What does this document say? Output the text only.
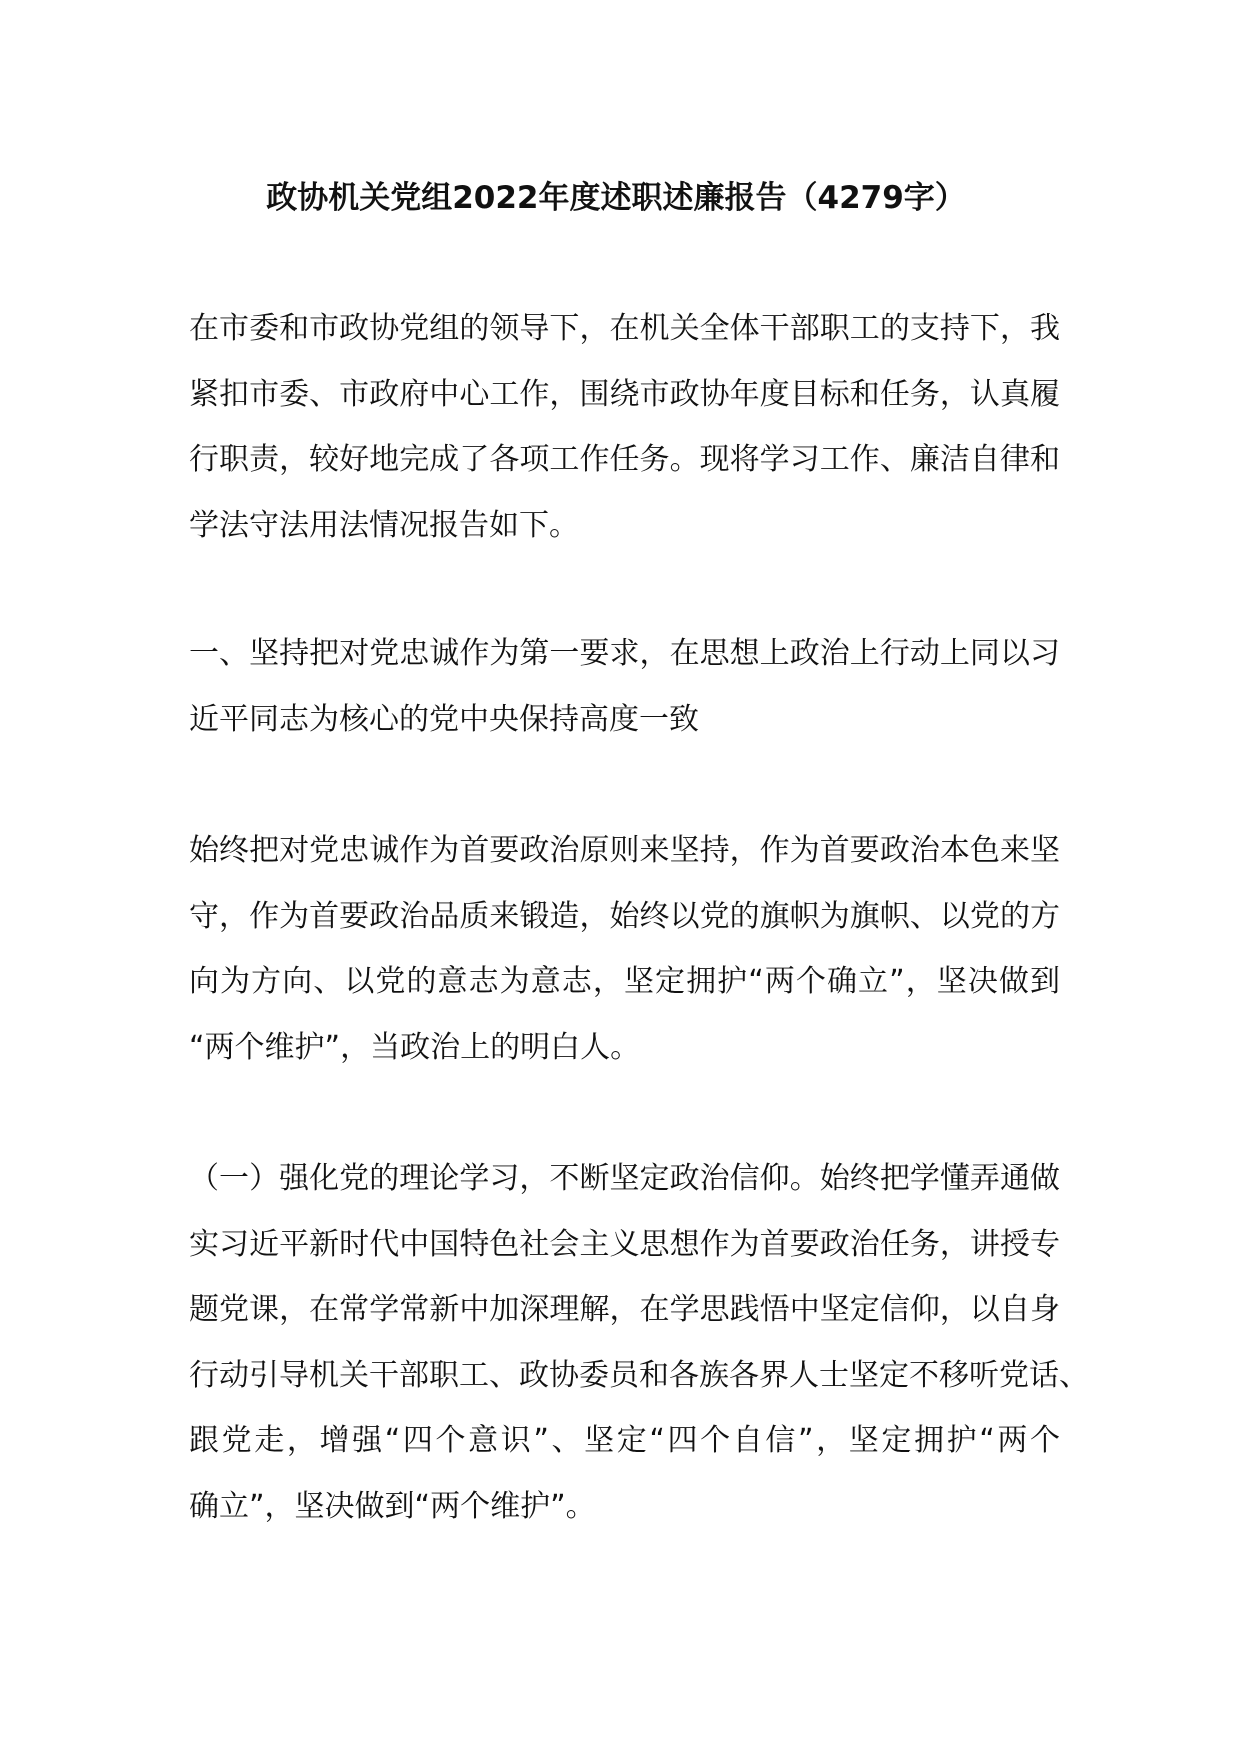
政协机关党组2022年度述职述廉报告（4279字）
在市委和市政协党组的领导下，在机关全体干部职工的支持下，我
紧扣市委、市政府中心工作，围绕市政协年度目标和任务，认真履
行职责，较好地完成了各项工作任务。现将学习工作、廉洁自律和
学法守法用法情况报告如下。
一、坚持把对党忠诚作为第一要求，在思想上政治上行动上同以习
近平同志为核心的党中央保持高度一致
始终把对党忠诚作为首要政治原则来坚持，作为首要政治本色来坚
守，作为首要政治品质来锻造，始终以党的旗帜为旗帜、以党的方
向为方向、以党的意志为意志，坚定拥护“两个确立”，坚决做到
“两个维护”，当政治上的明白人。
（一）强化党的理论学习，不断坚定政治信仰。始终把学懂弄通做
实习近平新时代中国特色社会主义思想作为首要政治任务，讲授专
题党课，在常学常新中加深理解，在学思践悟中坚定信仰，以自身
行动引导机关干部职工、政协委员和各族各界人士坚定不移听党话、
跟党走，增强“四个意识”、坚定“四个自信”，坚定拥护“两个
确立”，坚决做到“两个维护”。
